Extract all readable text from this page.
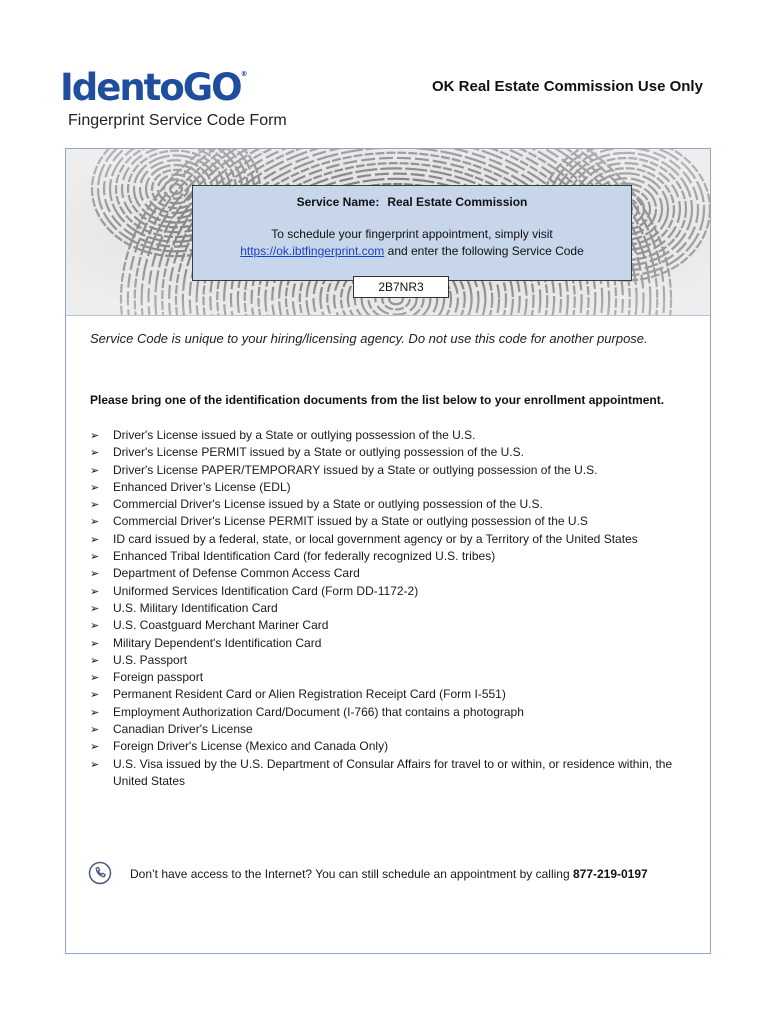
IdentoGO®
Fingerprint Service Code Form
OK Real Estate Commission Use Only
Service Name: Real Estate Commission
To schedule your fingerprint appointment, simply visit
https://ok.ibtfingerprint.com and enter the following Service Code
2B7NR3
Service Code is unique to your hiring/licensing agency. Do not use this code for another purpose.
Please bring one of the identification documents from the list below to your enrollment appointment.
➢ Driver's License issued by a State or outlying possession of the U.S.
➢ Driver's License PERMIT issued by a State or outlying possession of the U.S.
➢ Driver's License PAPER/TEMPORARY issued by a State or outlying possession of the U.S.
➢ Enhanced Driver’s License (EDL)
➢ Commercial Driver's License issued by a State or outlying possession of the U.S.
➢ Commercial Driver's License PERMIT issued by a State or outlying possession of the U.S
➢ ID card issued by a federal, state, or local government agency or by a Territory of the United States
➢ Enhanced Tribal Identification Card (for federally recognized U.S. tribes)
➢ Department of Defense Common Access Card
➢ Uniformed Services Identification Card (Form DD-1172-2)
➢ U.S. Military Identification Card
➢ U.S. Coastguard Merchant Mariner Card
➢ Military Dependent's Identification Card
➢ U.S. Passport
➢ Foreign passport
➢ Permanent Resident Card or Alien Registration Receipt Card (Form I-551)
➢ Employment Authorization Card/Document (I-766) that contains a photograph
➢ Canadian Driver's License
➢ Foreign Driver's License (Mexico and Canada Only)
➢ U.S. Visa issued by the U.S. Department of Consular Affairs for travel to or within, or residence within, the United States
Don’t have access to the Internet? You can still schedule an appointment by calling 877-219-0197
